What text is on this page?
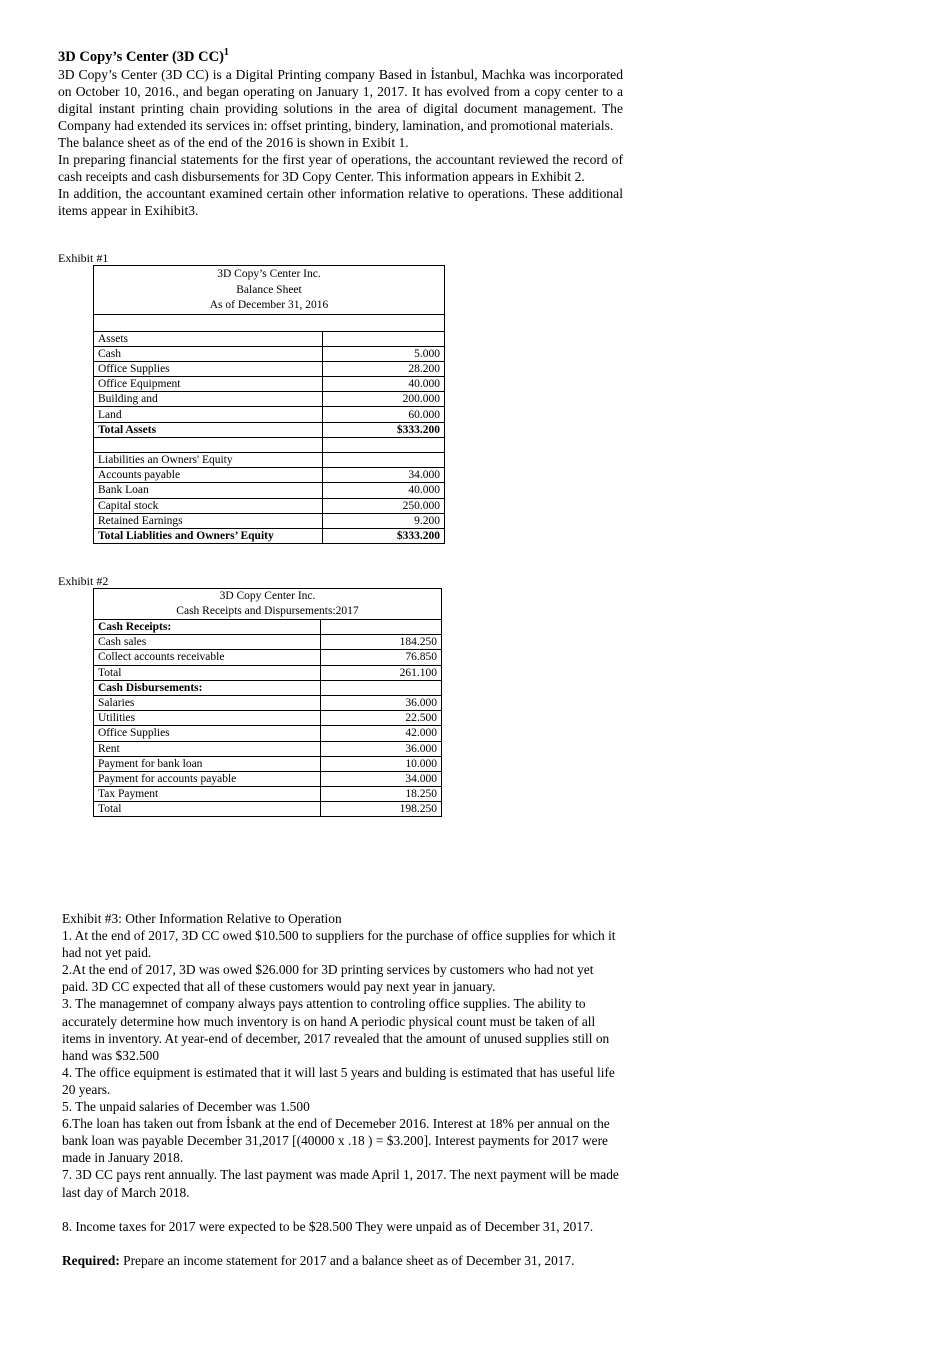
3D Copy’s Center (3D CC)$^1$

3D Copy’s Center (3D CC) is a Digital Printing company Based in İstanbul, Machka was incorporated on October 10, 2016., and began operating on January 1, 2017. It has evolved from a copy center to a digital instant printing chain providing solutions in the area of digital document management. The Company had extended its services in: offset printing, bindery, lamination, and promotional materials.

The balance sheet as of the end of the 2016 is shown in Exibit 1.

In preparing financial statements for the first year of operations, the accountant reviewed the record of cash receipts and cash disbursements for 3D Copy Center. This information appears in Exhibit 2.

In addition, the accountant examined certain other information relative to operations. These additional items appear in Exihibit3.

Exhibit #1
3D Copy’s Center Inc.
Balance Sheet
As of December 31, 2016	

Assets	
Cash	5.000
Office Supplies	28.200
Office Equipment	40.000
Building and	200.000
Land	60.000
Total Assets	$333.200

Liabilities an Owners' Equity	
Accounts payable	34.000
Bank Loan	40.000
Capital stock	250.000
Retained Earnings	9.200
Total Liablities and Owners’ Equity	$333.200
Exhibit #2
3D Copy Center Inc.
Cash Receipts and Dispursements:2017	

Cash Receipts:	
Cash sales	184.250
Collect accounts receivable	76.850
Total	261.100
Cash Disbursements:	
Salaries	36.000
Utilities	22.500
Office Supplies	42.000
Rent	36.000
Payment for bank loan	10.000
Payment for accounts payable	34.000
Tax Payment	18.250
Total	198.250

Exhibit #3: Other Information Relative to Operation

1. At the end of 2017, 3D CC owed $10.500 to suppliers for the purchase of office supplies for which it had not yet paid.

2.At the end of 2017, 3D was owed $26.000 for 3D printing services by customers who had not yet paid. 3D CC expected that all of these customers would pay next year in january.

3. The managemnet of company always pays attention to controling office supplies. The ability to accurately determine how much inventory is on hand A periodic physical count must be taken of all items in inventory. At year-end of december, 2017 revealed that the amount of unused supplies still on hand was $32.500

4. The office equipment is estimated that it will last 5 years and bulding is estimated that has useful life 20 years.

5. The unpaid salaries of December was 1.500

6.The loan has taken out from İsbank at the end of Decemeber 2016. Interest at 18% per annual on the bank loan was payable December 31,2017 [(40000 x .18 ) = $3.200]. Interest payments for 2017 were made in January 2018.

7. 3D CC pays rent annually. The last payment was made April 1, 2017. The next payment will be made last day of March 2018.

8. Income taxes for 2017 were expected to be $28.500 They were unpaid as of December 31, 2017.

Required: Prepare an income statement for 2017 and a balance sheet as of December 31, 2017.
